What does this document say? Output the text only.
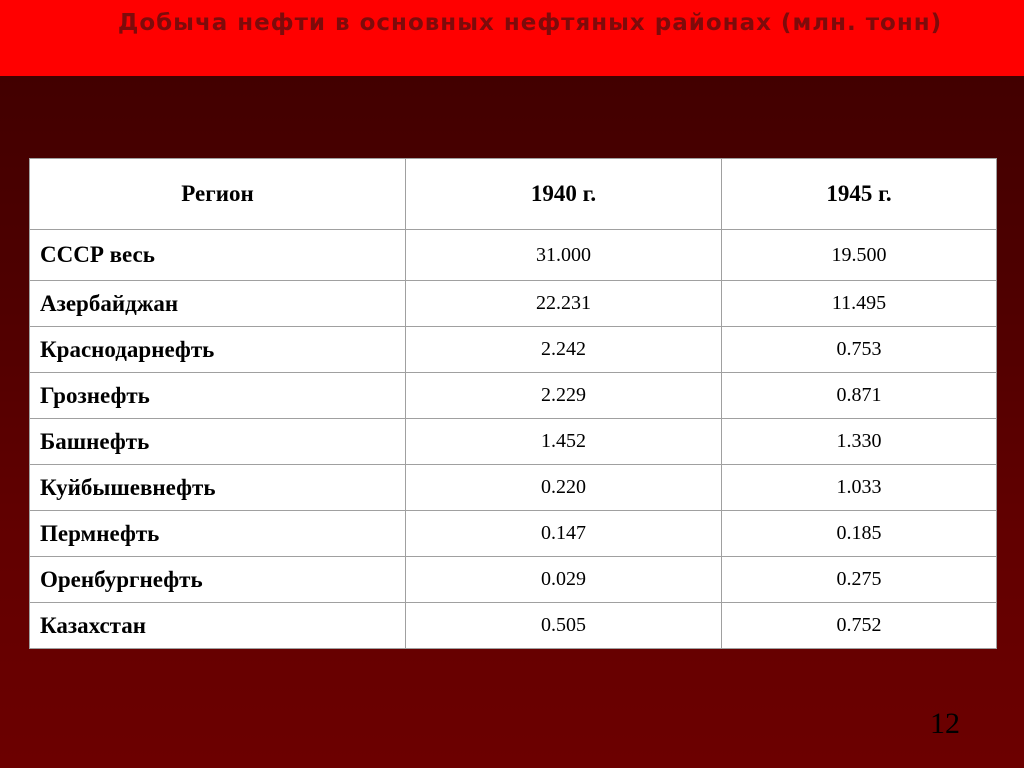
Добыча нефти в основных нефтяных районах (млн. тонн)
Регион	1940 г.	1945 г.
СССР весь	31.000	19.500
Азербайджан	22.231	11.495
Краснодарнефть	2.242	0.753
Грознефть	2.229	0.871
Башнефть	1.452	1.330
Куйбышевнефть	0.220	1.033
Пермнефть	0.147	0.185
Оренбургнефть	0.029	0.275
Казахстан	0.505	0.752
12
